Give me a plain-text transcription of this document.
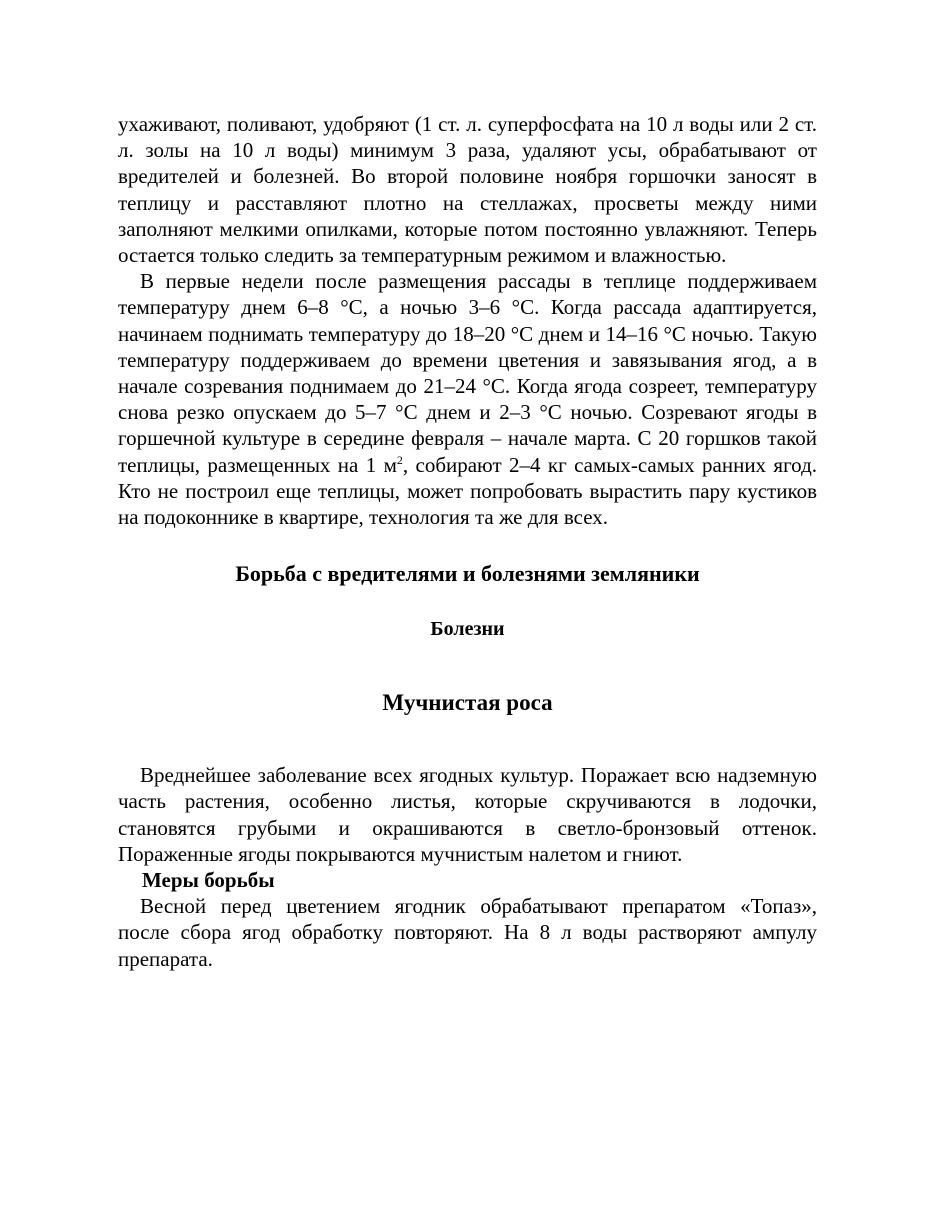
ухаживают, поливают, удобряют (1 ст. л. суперфосфата на 10 л воды или 2 ст. л. золы на 10 л воды) минимум 3 раза, удаляют усы, обрабатывают от вредителей и болезней. Во второй половине ноября горшочки заносят в теплицу и расставляют плотно на стеллажах, просветы между ними заполняют мелкими опилками, которые потом постоянно увлажняют. Теперь остается только следить за температурным режимом и влажностью.

В первые недели после размещения рассады в теплице поддерживаем температуру днем 6–8 °С, а ночью 3–6 °С. Когда рассада адаптируется, начинаем поднимать температуру до 18–20 °С днем и 14–16 °С ночью. Такую температуру поддерживаем до времени цветения и завязывания ягод, а в начале созревания поднимаем до 21–24 °С. Когда ягода созреет, температуру снова резко опускаем до 5–7 °С днем и 2–3 °С ночью. Созревают ягоды в горшечной культуре в середине февраля – начале марта. С 20 горшков такой теплицы, размещенных на 1 $м^2$, собирают 2–4 кг самых-самых ранних ягод. Кто не построил еще теплицы, может попробовать вырастить пару кустиков на подоконнике в квартире, технология та же для всех.

Борьба с вредителями и болезнями земляники
Болезни
Мучнистая роса

Вреднейшее заболевание всех ягодных культур. Поражает всю надземную часть растения, особенно листья, которые скручиваются в лодочки, становятся грубыми и окрашиваются в светло-бронзовый оттенок. Пораженные ягоды покрываются мучнистым налетом и гниют.

Меры борьбы

Весной перед цветением ягодник обрабатывают препаратом «Топаз», после сбора ягод обработку повторяют. На 8 л воды растворяют ампулу препарата.
